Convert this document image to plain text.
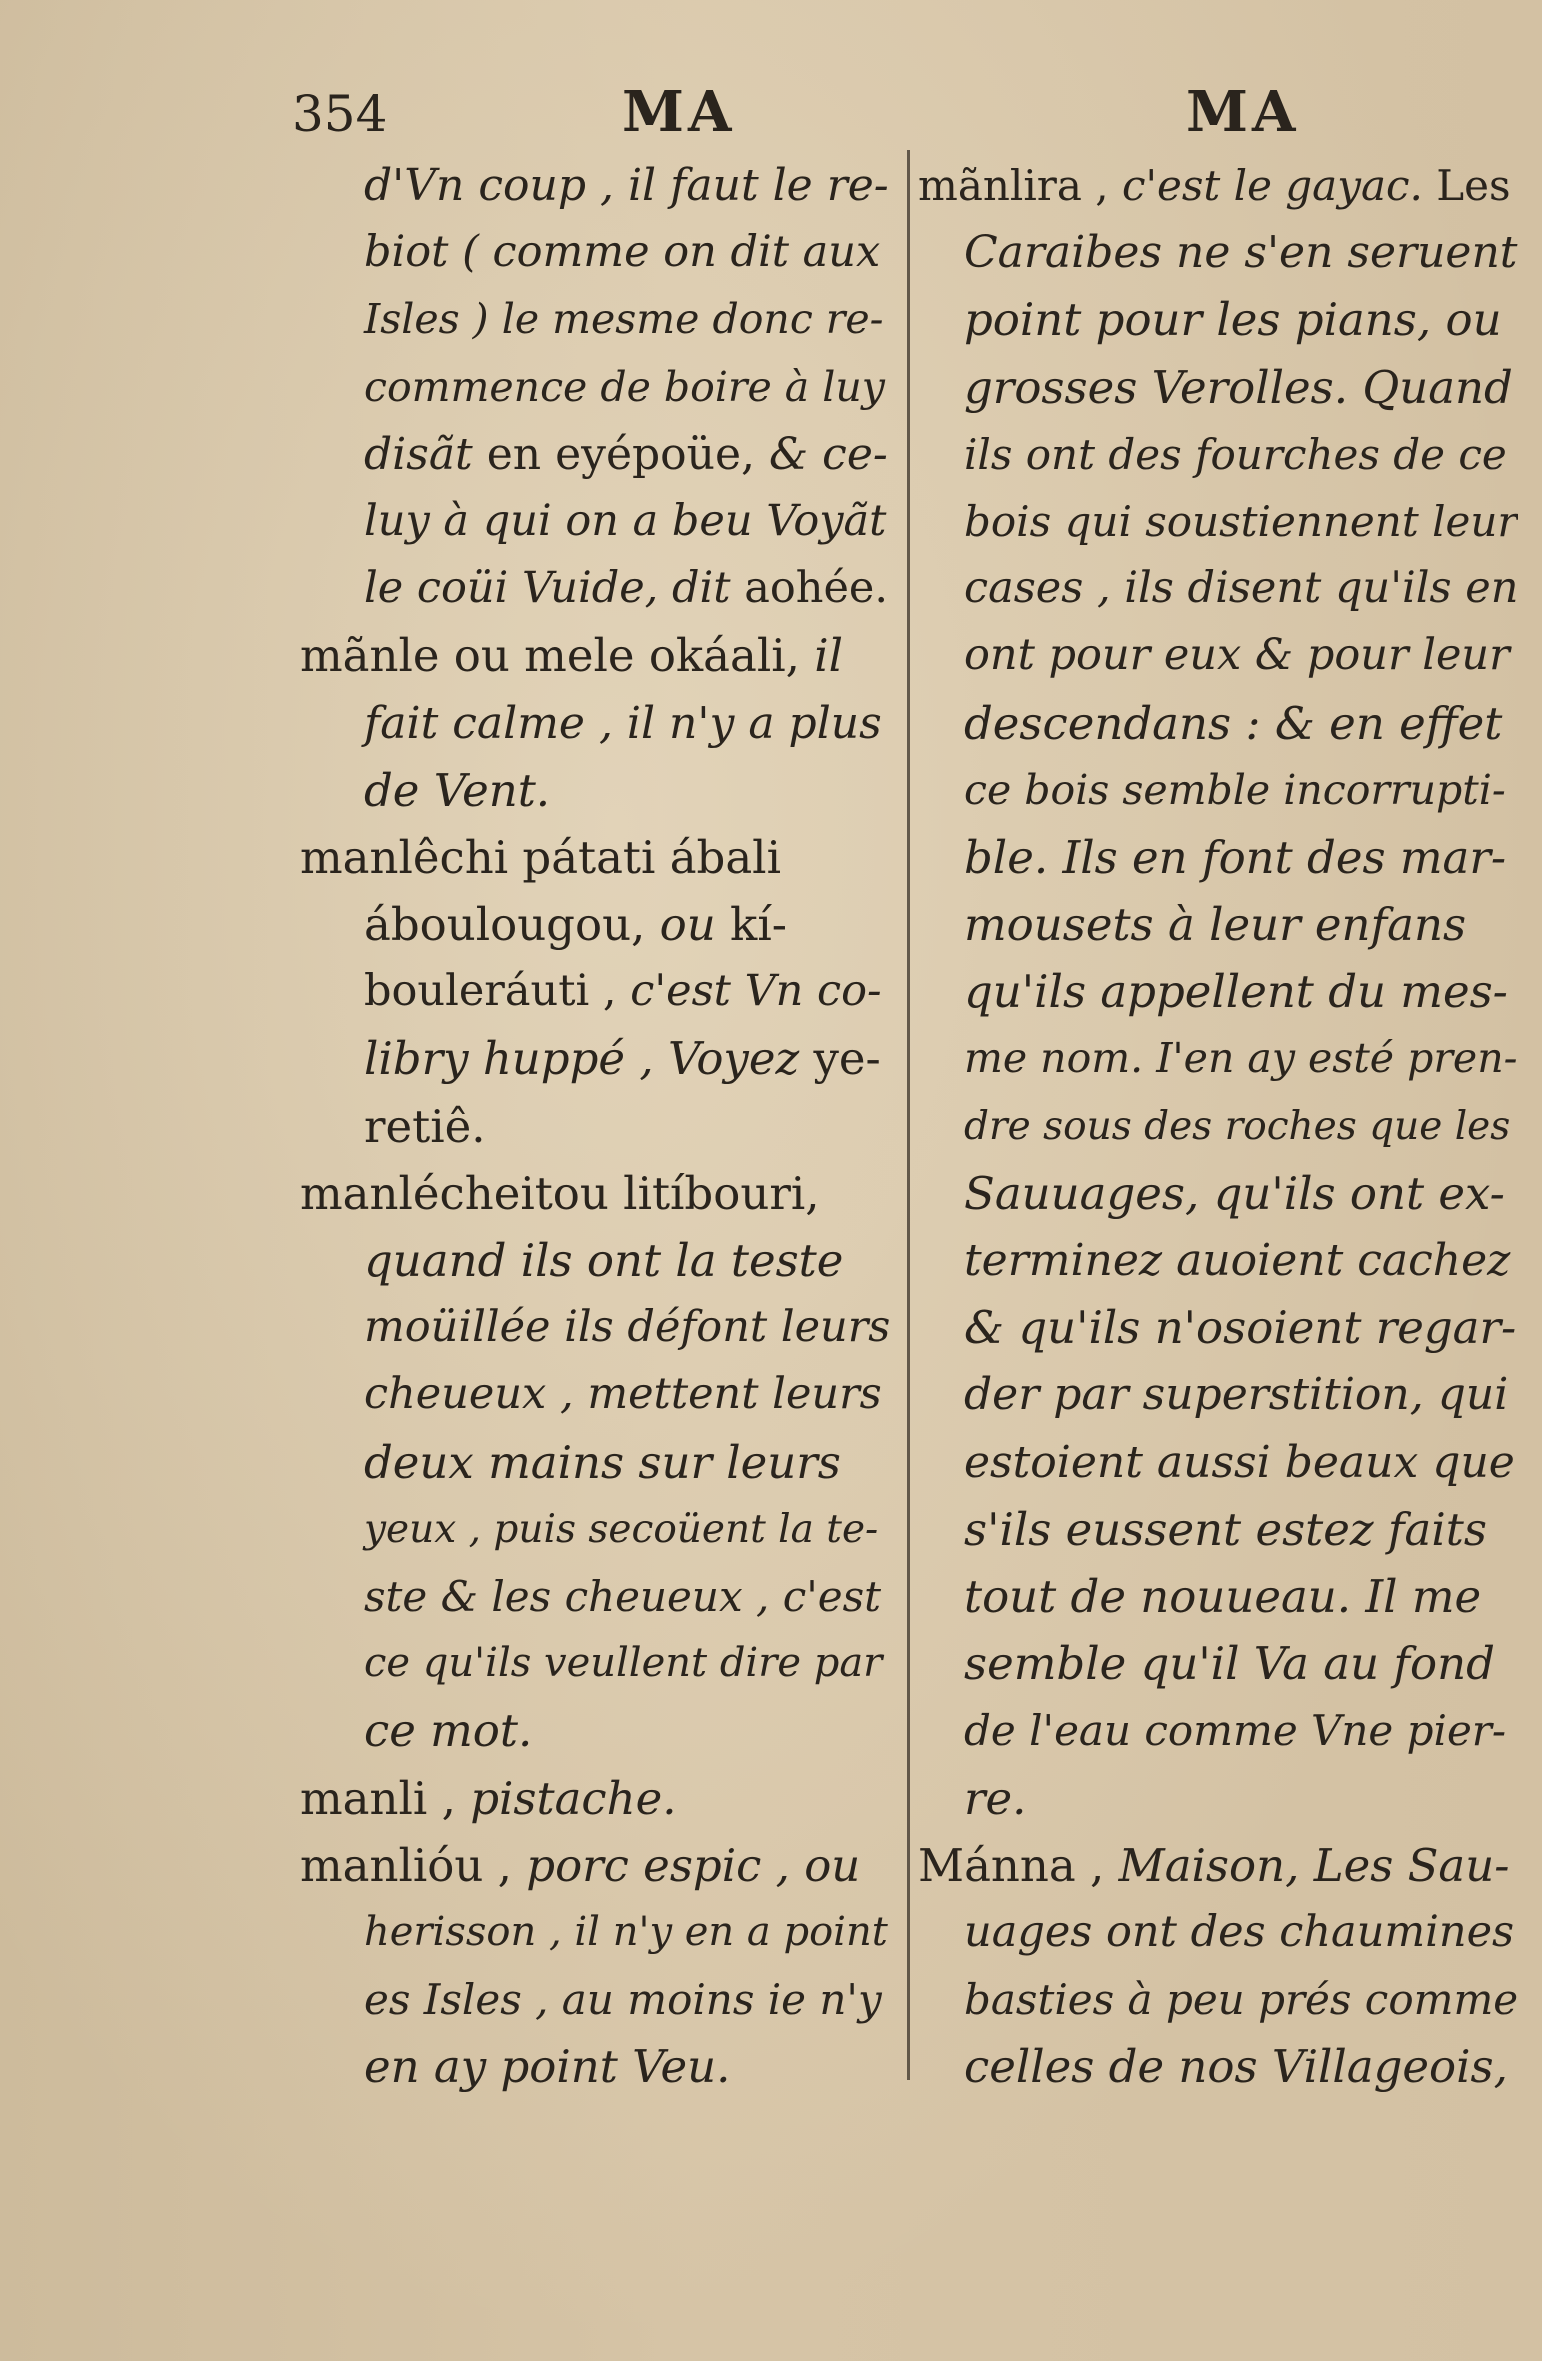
354	MA	MA
d'Vn coup , il faut le re-
biot ( comme on dit aux
Isles ) le mesme donc re-
commence de boire à luy
disãt en eyépoüe, & ce-
luy à qui on a beu Voyãt
le coüi Vuide, dit aohée.
mãnle ou mele okáali, il
fait calme , il n'y a plus
de Vent.
manlêchi pátati ábali
áboulougou, ou kí-
bouleráuti , c'est Vn co-
libry huppé , Voyez ye-
retiê.
manlécheitou litíbouri,
quand ils ont la teste
moüillée ils défont leurs
cheueux , mettent leurs
deux mains sur leurs
yeux , puis secoüent la te-
ste & les cheueux , c'est
ce qu'ils veullent dire par
ce mot.
manli , pistache.
manlióu , porc espic , ou
herisson , il n'y en a point
es Isles , au moins ie n'y
en ay point Veu.
mãnlira , c'est le gayac. Les
Caraibes ne s'en seruent
point pour les pians, ou
grosses Verolles. Quand
ils ont des fourches de ce
bois qui soustiennent leur
cases , ils disent qu'ils en
ont pour eux & pour leur
descendans : & en effet
ce bois semble incorrupti-
ble. Ils en font des mar-
mousets à leur enfans
qu'ils appellent du mes-
me nom. I'en ay esté pren-
dre sous des roches que les
Sauuages, qu'ils ont ex-
terminez auoient cachez
& qu'ils n'osoient regar-
der par superstition, qui
estoient aussi beaux que
s'ils eussent estez faits
tout de nouueau. Il me
semble qu'il Va au fond
de l'eau comme Vne pier-
re.
Mánna , Maison, Les Sau-
uages ont des chaumines
basties à peu prés comme
celles de nos Villageois,
